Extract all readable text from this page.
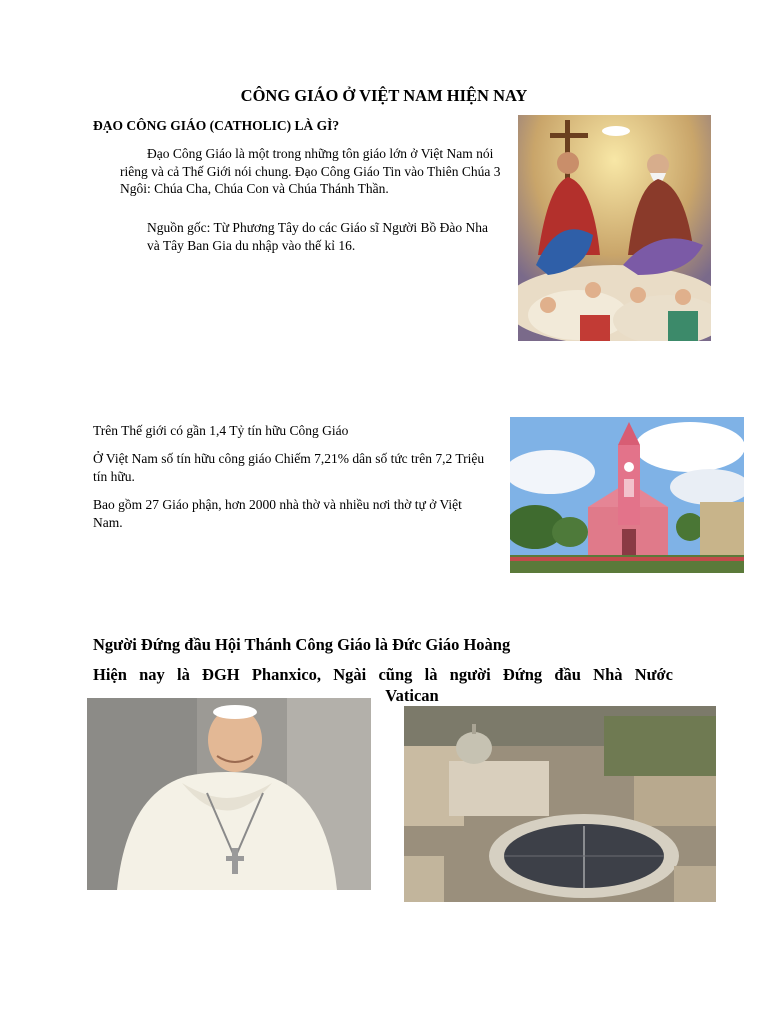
CÔNG GIÁO Ở VIỆT NAM HIỆN NAY
ĐẠO CÔNG GIÁO (CATHOLIC) LÀ GÌ?
Đạo Công Giáo là một trong những tôn giáo lớn ở Việt Nam nói riêng và cả Thế Giới nói chung. Đạo Công Giáo Tin vào Thiên Chúa 3 Ngôi: Chúa Cha, Chúa Con và Chúa Thánh Thần.
Nguồn gốc: Từ Phương Tây do các Giáo sĩ Người Bồ Đào Nha và Tây Ban Gia du nhập vào thế kỉ 16.
Trên Thế giới có gần 1,4 Tỷ tín hữu Công Giáo
Ở Việt Nam số tín hữu công giáo Chiếm 7,21% dân số tức trên 7,2 Triệu tín hữu.
Bao gồm 27 Giáo phận, hơn 2000 nhà thờ và nhiều nơi thờ tự ở Việt Nam.
Người Đứng đầu Hội Thánh Công Giáo là Đức Giáo Hoàng
Hiện nay là ĐGH Phanxico, Ngài cũng là người Đứng đầu Nhà Nước
Vatican
